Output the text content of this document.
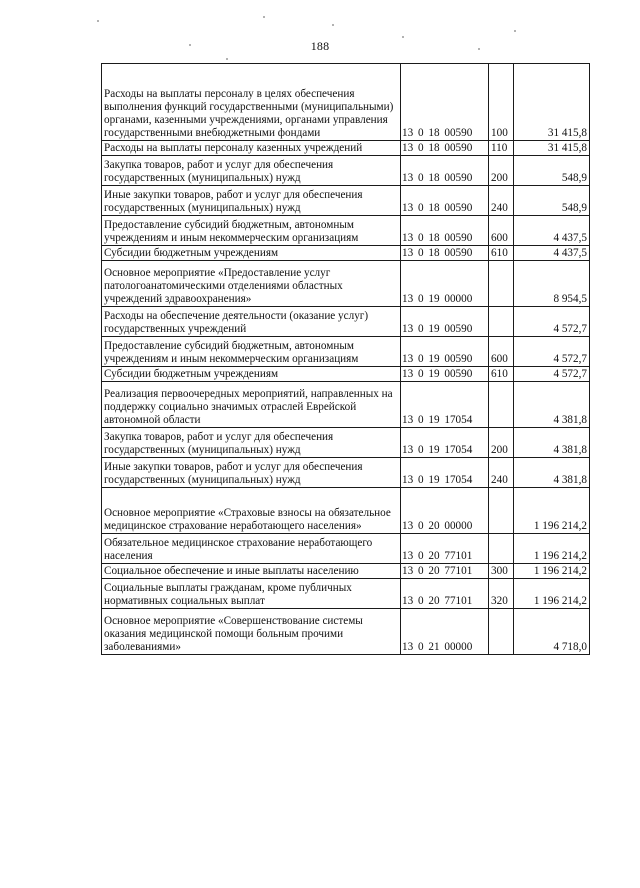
188
Расходы на выплаты персоналу в целях обеспечения выполнения функций государственными (муниципальными) органами, казенными учреждениями, органами управления государственными внебюджетными фондами	13 0 18 00590	100	31 415,8
Расходы на выплаты персоналу казенных учреждений	13 0 18 00590	110	31 415,8
Закупка товаров, работ и услуг для обеспечения государственных (муниципальных) нужд	13 0 18 00590	200	548,9
Иные закупки товаров, работ и услуг для обеспечения государственных (муниципальных) нужд	13 0 18 00590	240	548,9
Предоставление субсидий бюджетным, автономным учреждениям и иным некоммерческим организациям	13 0 18 00590	600	4 437,5
Субсидии бюджетным учреждениям	13 0 18 00590	610	4 437,5
Основное мероприятие «Предоставление услуг патологоанатомическими отделениями областных учреждений здравоохранения»	13 0 19 00000		8 954,5
Расходы на обеспечение деятельности (оказание услуг) государственных учреждений	13 0 19 00590		4 572,7
Предоставление субсидий бюджетным, автономным учреждениям и иным некоммерческим организациям	13 0 19 00590	600	4 572,7
Субсидии бюджетным учреждениям	13 0 19 00590	610	4 572,7
Реализация первоочередных мероприятий, направленных на поддержку социально значимых отраслей Еврейской автономной области	13 0 19 17054		4 381,8
Закупка товаров, работ и услуг для обеспечения государственных (муниципальных) нужд	13 0 19 17054	200	4 381,8
Иные закупки товаров, работ и услуг для обеспечения государственных (муниципальных) нужд	13 0 19 17054	240	4 381,8
Основное мероприятие «Страховые взносы на обязательное медицинское страхование неработающего населения»	13 0 20 00000		1 196 214,2
Обязательное медицинское страхование неработающего населения	13 0 20 77101		1 196 214,2
Социальное обеспечение и иные выплаты населению	13 0 20 77101	300	1 196 214,2
Социальные выплаты гражданам, кроме публичных нормативных социальных выплат	13 0 20 77101	320	1 196 214,2
Основное мероприятие «Совершенствование системы оказания медицинской помощи больным прочими заболеваниями»	13 0 21 00000		4 718,0
